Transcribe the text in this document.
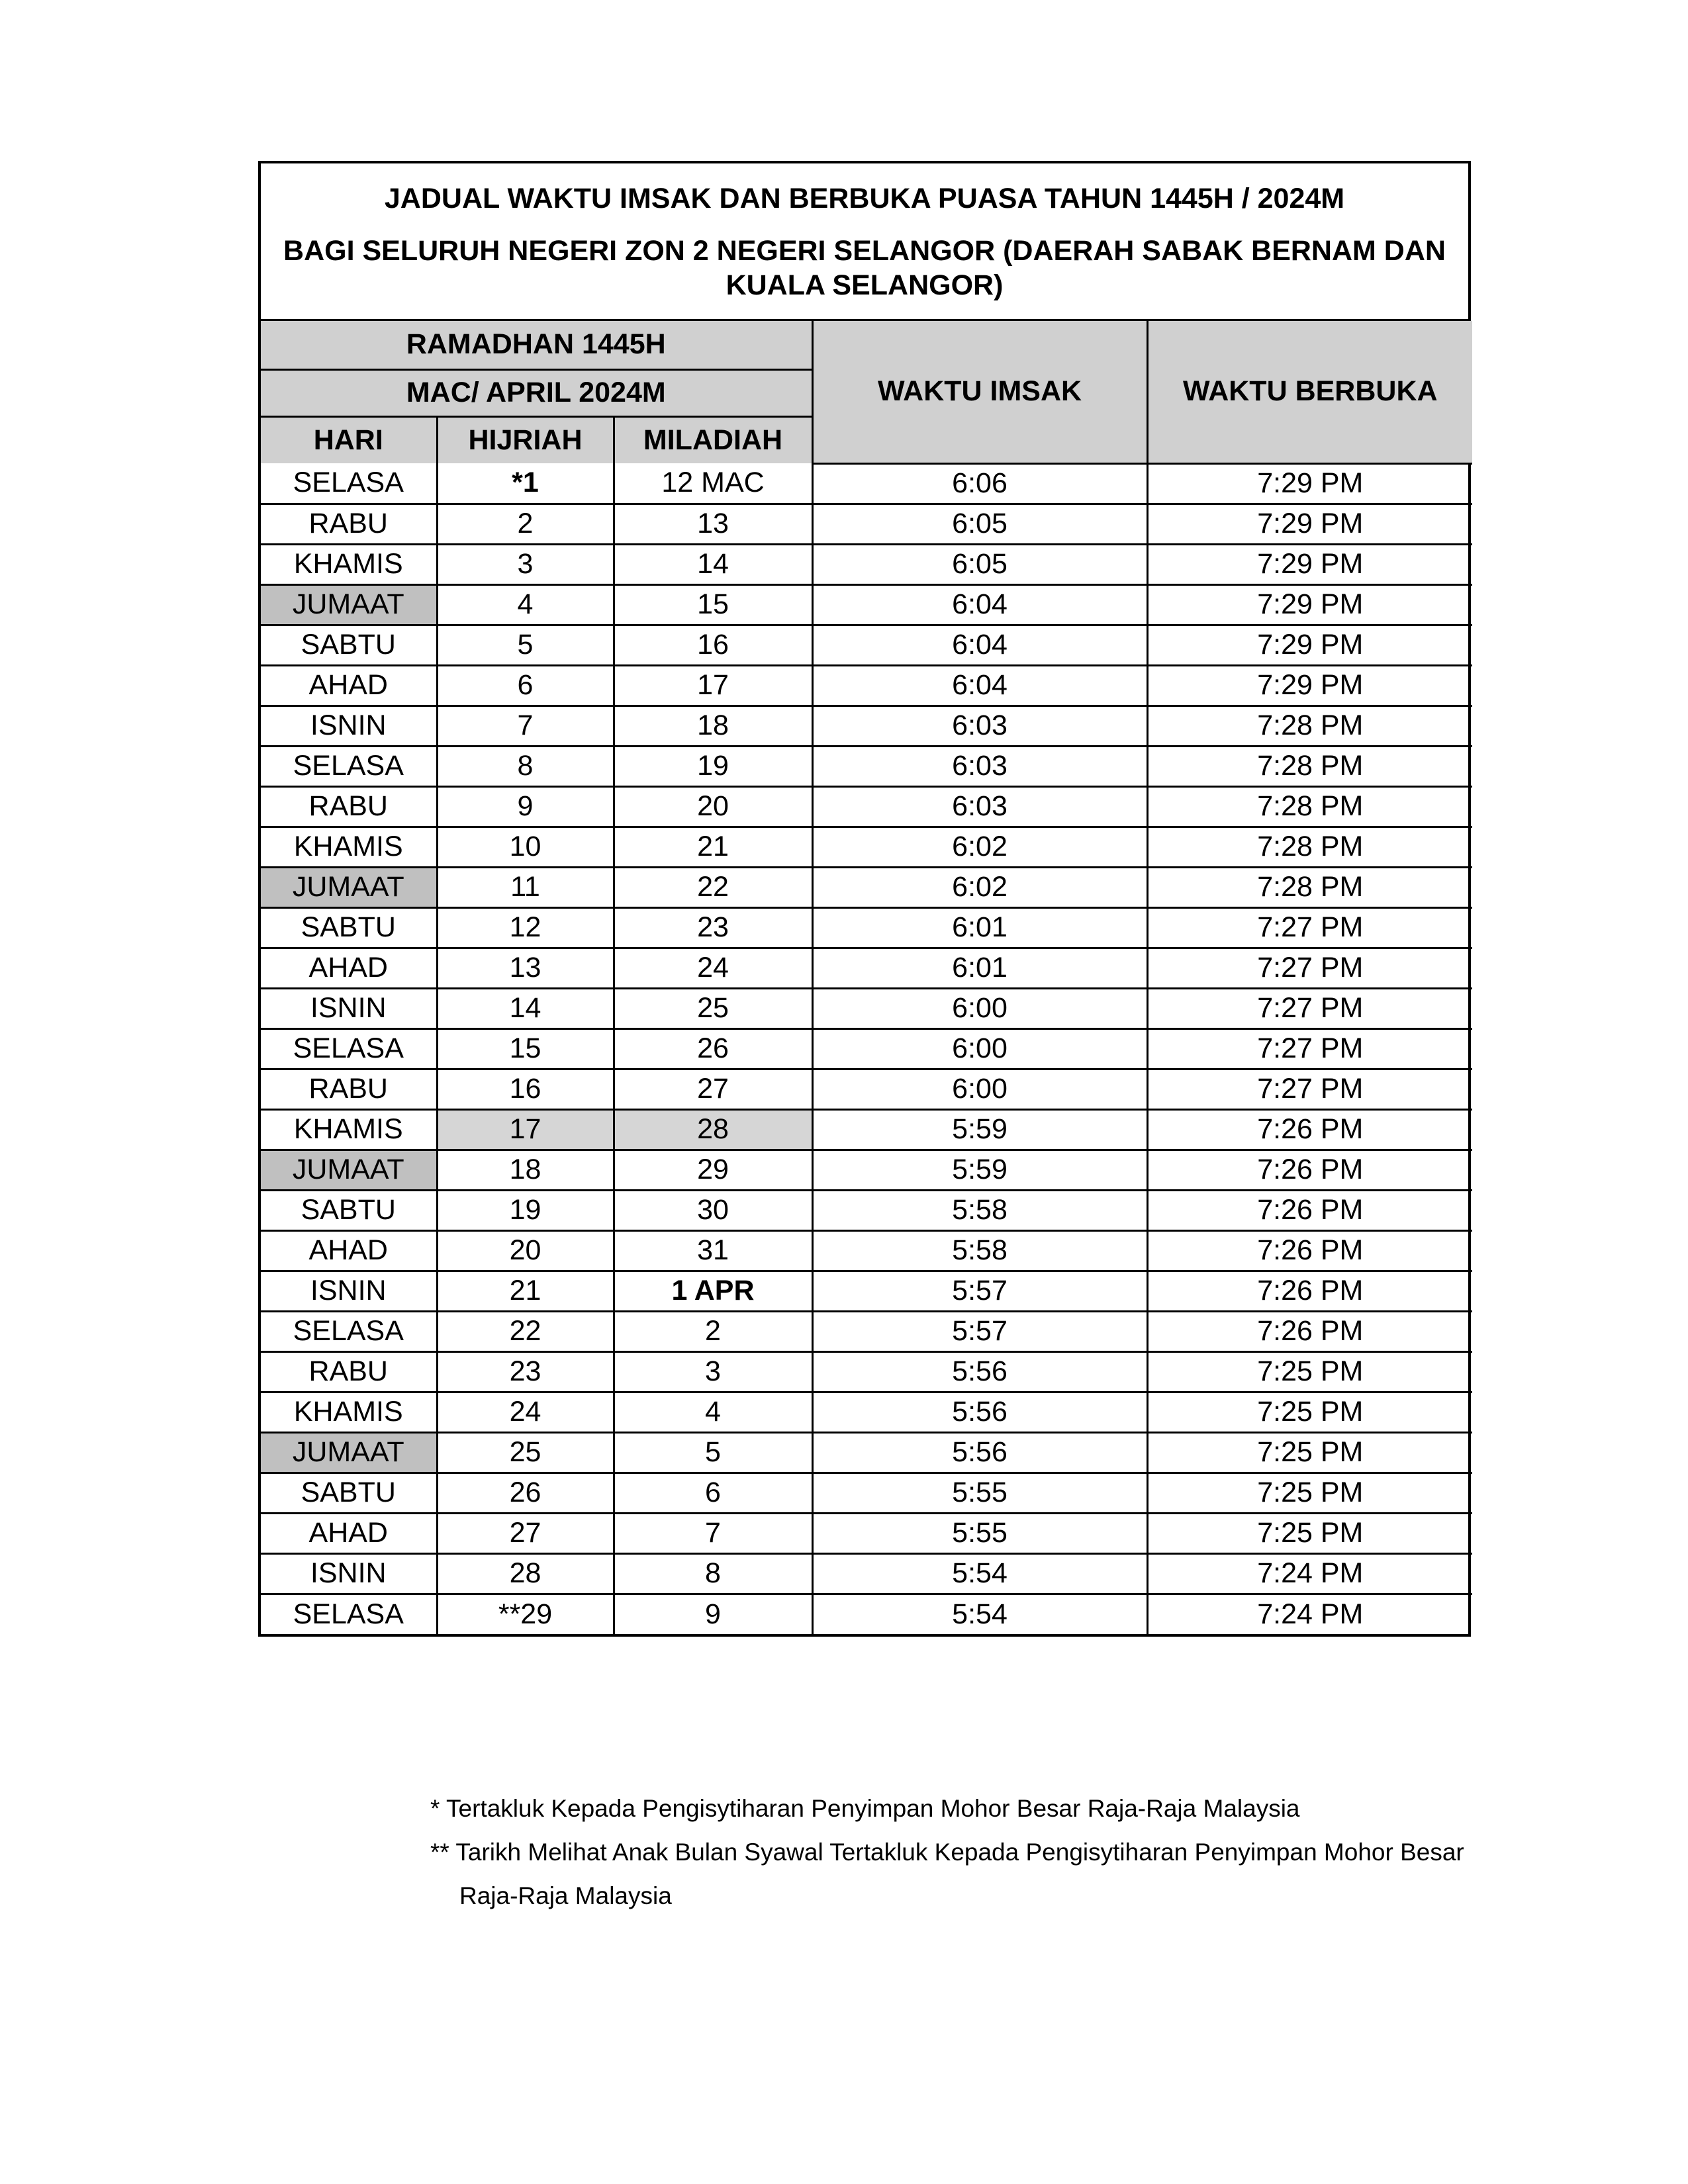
JADUAL WAKTU IMSAK DAN BERBUKA PUASA TAHUN 1445H / 2024M
BAGI SELURUH NEGERI ZON 2 NEGERI SELANGOR (DAERAH SABAK BERNAM DAN
KUALA SELANGOR)
RAMADHAN 1445H			WAKTU IMSAK	WAKTU BERBUKA
MAC/ APRIL 2024M				
HARI	HIJRIAH	MILADIAH		
SELASA	*1	12 MAC	6:06	7:29 PM
RABU	2	13	6:05	7:29 PM
KHAMIS	3	14	6:05	7:29 PM
JUMAAT	4	15	6:04	7:29 PM
SABTU	5	16	6:04	7:29 PM
AHAD	6	17	6:04	7:29 PM
ISNIN	7	18	6:03	7:28 PM
SELASA	8	19	6:03	7:28 PM
RABU	9	20	6:03	7:28 PM
KHAMIS	10	21	6:02	7:28 PM
JUMAAT	11	22	6:02	7:28 PM
SABTU	12	23	6:01	7:27 PM
AHAD	13	24	6:01	7:27 PM
ISNIN	14	25	6:00	7:27 PM
SELASA	15	26	6:00	7:27 PM
RABU	16	27	6:00	7:27 PM
KHAMIS	17	28	5:59	7:26 PM
JUMAAT	18	29	5:59	7:26 PM
SABTU	19	30	5:58	7:26 PM
AHAD	20	31	5:58	7:26 PM
ISNIN	21	1 APR	5:57	7:26 PM
SELASA	22	2	5:57	7:26 PM
RABU	23	3	5:56	7:25 PM
KHAMIS	24	4	5:56	7:25 PM
JUMAAT	25	5	5:56	7:25 PM
SABTU	26	6	5:55	7:25 PM
AHAD	27	7	5:55	7:25 PM
ISNIN	28	8	5:54	7:24 PM
SELASA	**29	9	5:54	7:24 PM
* Tertakluk Kepada Pengisytiharan Penyimpan Mohor Besar Raja-Raja Malaysia
** Tarikh Melihat Anak Bulan Syawal Tertakluk Kepada Pengisytiharan Penyimpan Mohor Besar
Raja-Raja Malaysia
